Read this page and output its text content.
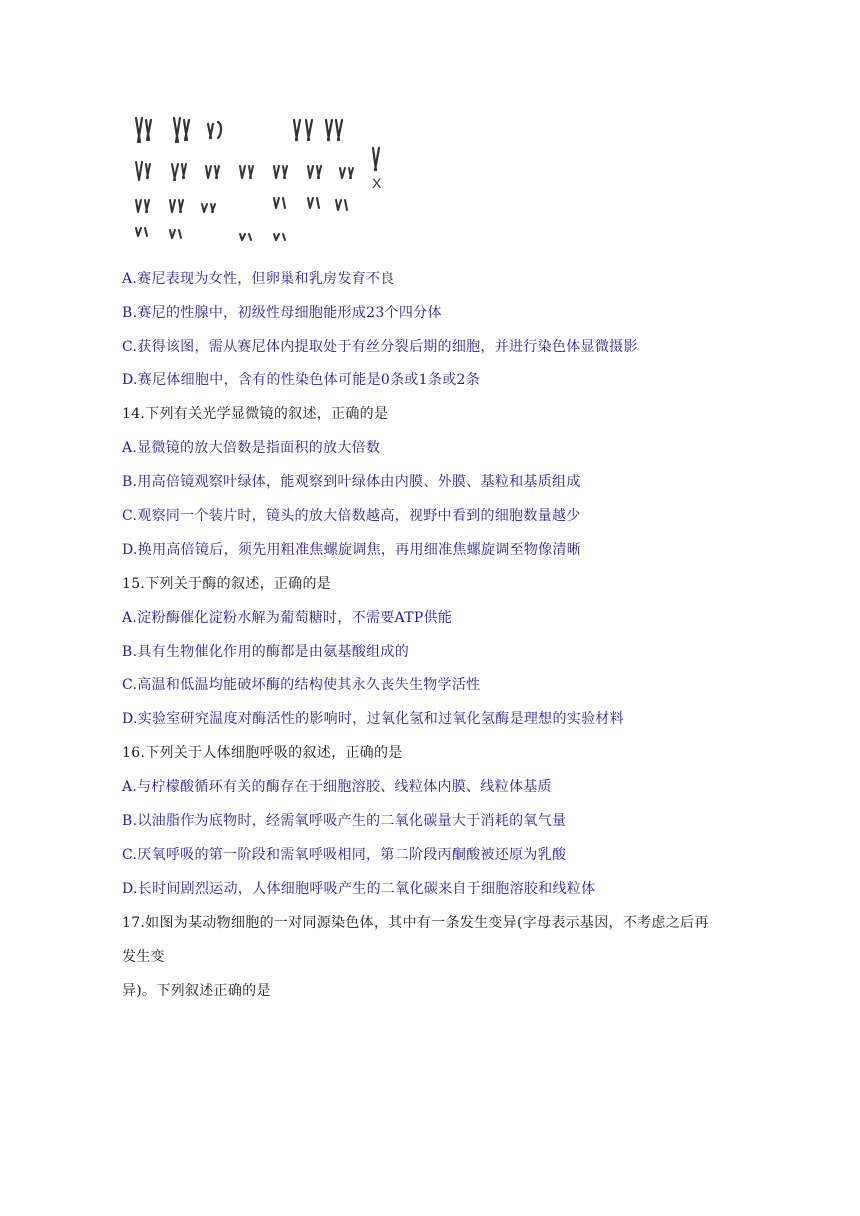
X
A.赛尼表现为女性，但卵巢和乳房发育不良
B.赛尼的性腺中，初级性母细胞能形成23个四分体
C.获得该图，需从赛尼体内提取处于有丝分裂后期的细胞，并进行染色体显微摄影
D.赛尼体细胞中，含有的性染色体可能是0条或1条或2条
14.下列有关光学显微镜的叙述，正确的是
A.显微镜的放大倍数是指面积的放大倍数
B.用高倍镜观察叶绿体，能观察到叶绿体由内膜、外膜、基粒和基质组成
C.观察同一个装片时，镜头的放大倍数越高，视野中看到的细胞数量越少
D.换用高倍镜后，须先用粗准焦螺旋调焦，再用细准焦螺旋调至物像清晰
15.下列关于酶的叙述，正确的是
A.淀粉酶催化淀粉水解为葡萄糖时，不需要ATP供能
B.具有生物催化作用的酶都是由氨基酸组成的
C.高温和低温均能破坏酶的结构使其永久丧失生物学活性
D.实验室研究温度对酶活性的影响时，过氧化氢和过氧化氢酶是理想的实验材料
16.下列关于人体细胞呼吸的叙述，正确的是
A.与柠檬酸循环有关的酶存在于细胞溶胶、线粒体内膜、线粒体基质
B.以油脂作为底物时，经需氧呼吸产生的二氧化碳量大于消耗的氧气量
C.厌氧呼吸的第一阶段和需氧呼吸相同，第二阶段丙酮酸被还原为乳酸
D.长时间剧烈运动，人体细胞呼吸产生的二氧化碳来自于细胞溶胶和线粒体
17.如图为某动物细胞的一对同源染色体，其中有一条发生变异(字母表示基因，不考虑之后再
发生变
异)。下列叙述正确的是
